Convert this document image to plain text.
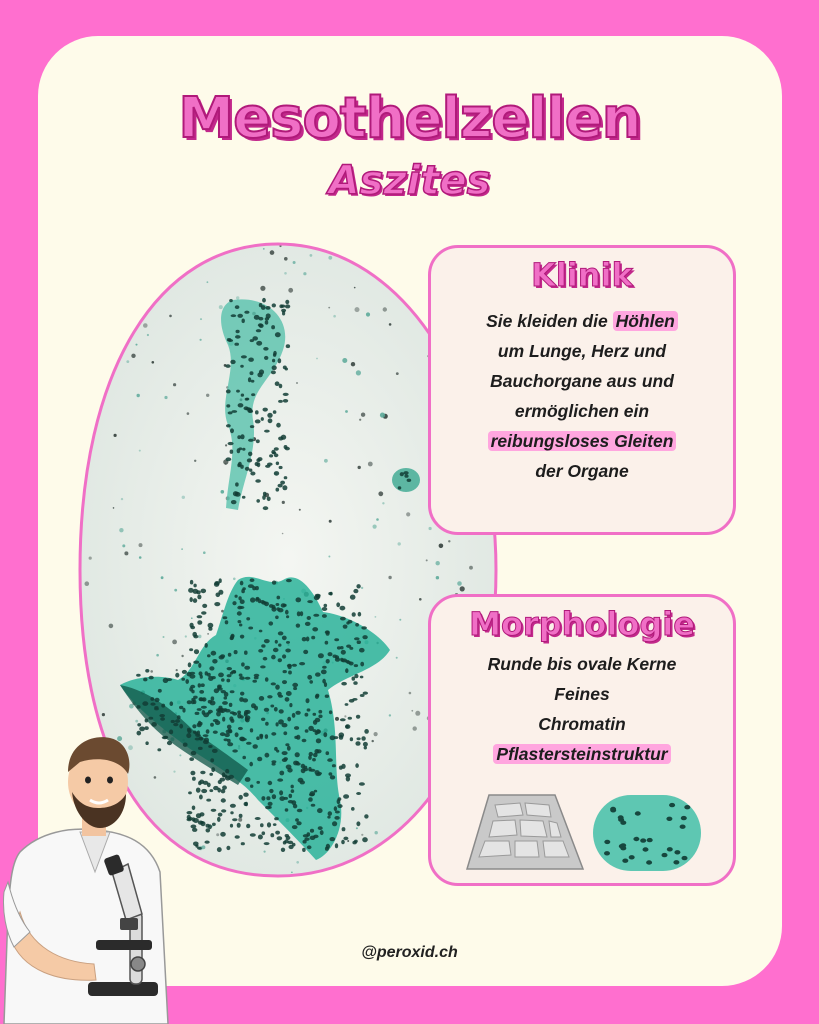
Mesothelzellen
Aszites
Klinik
Sie kleiden die Höhlen
um Lunge, Herz und
Bauchorgane aus und
ermöglichen ein
reibungsloses Gleiten
der Organe
Morphologie
Runde bis ovale Kerne
Feines
Chromatin
Pflastersteinstruktur
@peroxid.ch
